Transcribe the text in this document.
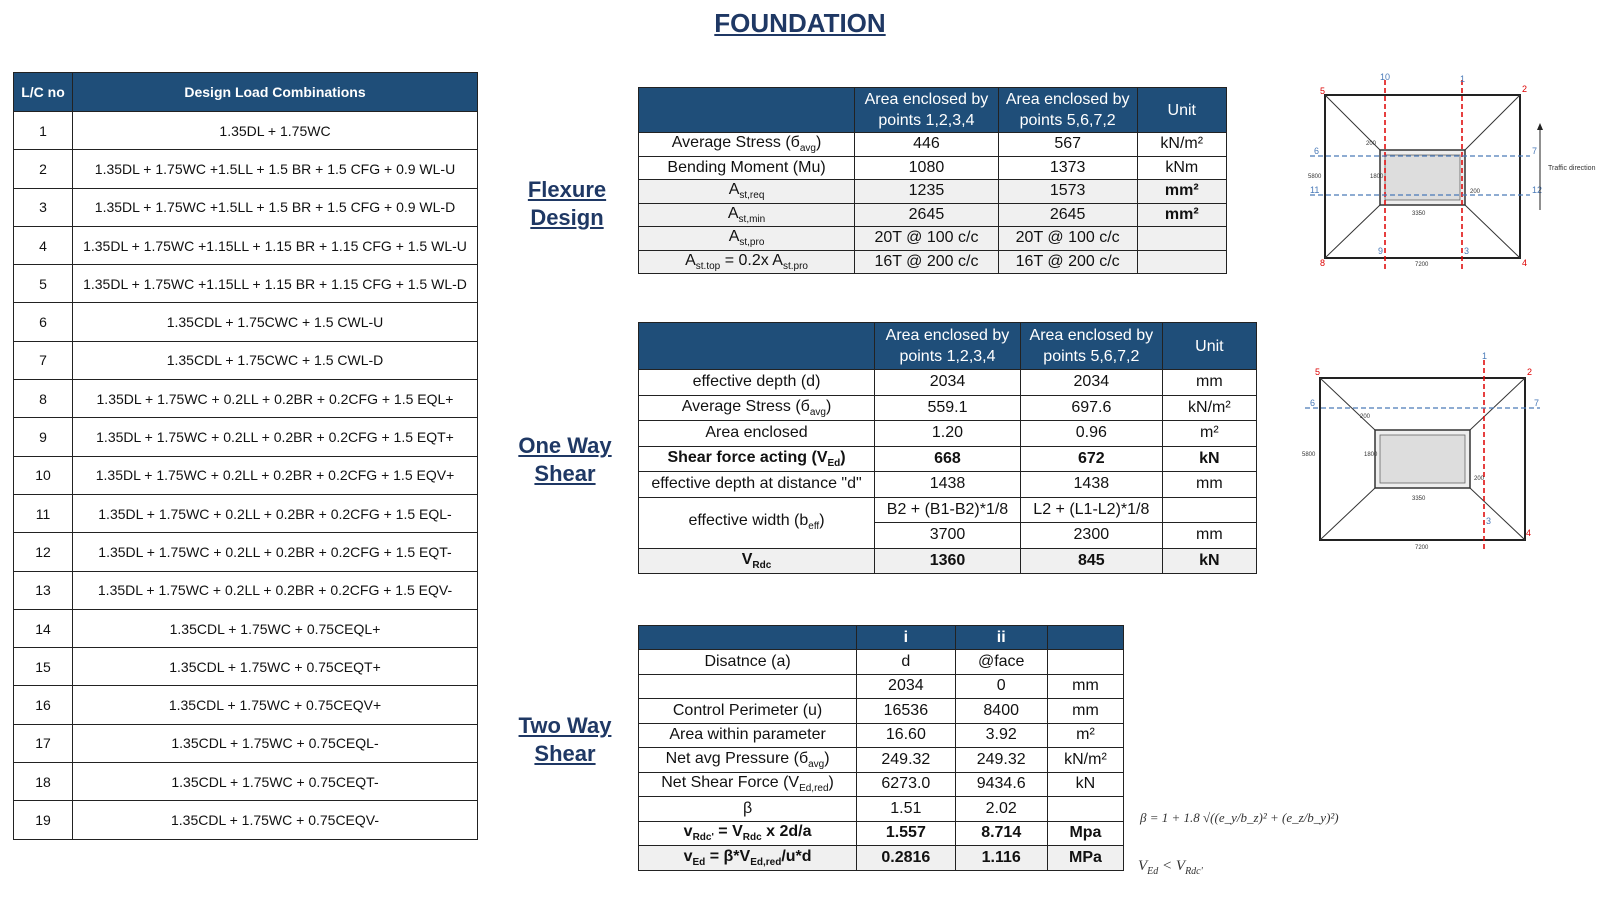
FOUNDATION
L/C no	Design Load Combinations
1	1.35DL + 1.75WC
2	1.35DL + 1.75WC +1.5LL + 1.5 BR + 1.5 CFG + 0.9 WL-U
3	1.35DL + 1.75WC +1.5LL + 1.5 BR + 1.5 CFG + 0.9 WL-D
4	1.35DL + 1.75WC +1.15LL + 1.15 BR + 1.15 CFG + 1.5 WL-U
5	1.35DL + 1.75WC +1.15LL + 1.15 BR + 1.15 CFG + 1.5 WL-D
6	1.35CDL + 1.75CWC + 1.5 CWL-U
7	1.35CDL + 1.75CWC + 1.5 CWL-D
8	1.35DL + 1.75WC + 0.2LL + 0.2BR + 0.2CFG + 1.5 EQL+
9	1.35DL + 1.75WC + 0.2LL + 0.2BR + 0.2CFG + 1.5 EQT+
10	1.35DL + 1.75WC + 0.2LL + 0.2BR + 0.2CFG + 1.5 EQV+
11	1.35DL + 1.75WC + 0.2LL + 0.2BR + 0.2CFG + 1.5 EQL-
12	1.35DL + 1.75WC + 0.2LL + 0.2BR + 0.2CFG + 1.5 EQT-
13	1.35DL + 1.75WC + 0.2LL + 0.2BR + 0.2CFG + 1.5 EQV-
14	1.35CDL + 1.75WC + 0.75CEQL+
15	1.35CDL + 1.75WC + 0.75CEQT+
16	1.35CDL + 1.75WC + 0.75CEQV+
17	1.35CDL + 1.75WC + 0.75CEQL-
18	1.35CDL + 1.75WC + 0.75CEQT-
19	1.35CDL + 1.75WC + 0.75CEQV-
Flexure
Design
	Area enclosed by points 1,2,3,4	Area enclosed by points 5,6,7,2	Unit
Average Stress $(б_{avg})$	446	567	kN/m²
Bending Moment (Mu)	1080	1373	kNm
$A_{st,req}$	1235	1573	mm²
$A_{st,min}$	2645	2645	mm²
$A_{st,pro}$	20T @ 100 c/c	20T @ 100 c/c	
$A_{st.top} = 0.2x$ $A_{st.pro}$	16T @ 200 c/c	16T @ 200 c/c	
One Way
Shear
	Area enclosed by points 1,2,3,4	Area enclosed by points 5,6,7,2	Unit
effective depth (d)	2034	2034	mm
Average Stress $(б_{avg})$	559.1	697.6	kN/m²
Area enclosed	1.20	0.96	m²
Shear force acting $(V_{Ed})$	668	672	kN
effective depth at distance "d"	1438	1438	mm
effective width $(b_{eff})$	B2 + (B1-B2)*1/8	L2 + (L1-L2)*1/8	
	3700	2300	mm
$V_{Rdc}$	1360	845	kN
Two Way
Shear
	i	ii	
Disatnce (a)	d	@face	
	2034	0	mm
Control Perimeter (u)	16536	8400	mm
Area within parameter	16.60	3.92	m²
Net avg Pressure $(б_{avg})$	249.32	249.32	kN/m²
Net Shear Force $(V_{Ed,red})$	6273.0	9434.6	kN
β	1.51	2.02	
$v_{Rdc'} = V_{Rdc}$ x 2d/a	1.557	8.714	Mpa
$v_{Ed} = \beta*V_{Ed,red}/u*d$	0.2816	1.116	MPa
β = 1 + 1.8 √((e_y/b_z)² + (e_z/b_y)²)
$V_{Ed} < V_{Rdc'}$
10	1
5	2
6	7
11	12
9	3
8	4
200
1800
5800
3350
200
7200
Traffic direction
1
5	2
6	7
3
4
200
1800
5800
3350
200
7200
